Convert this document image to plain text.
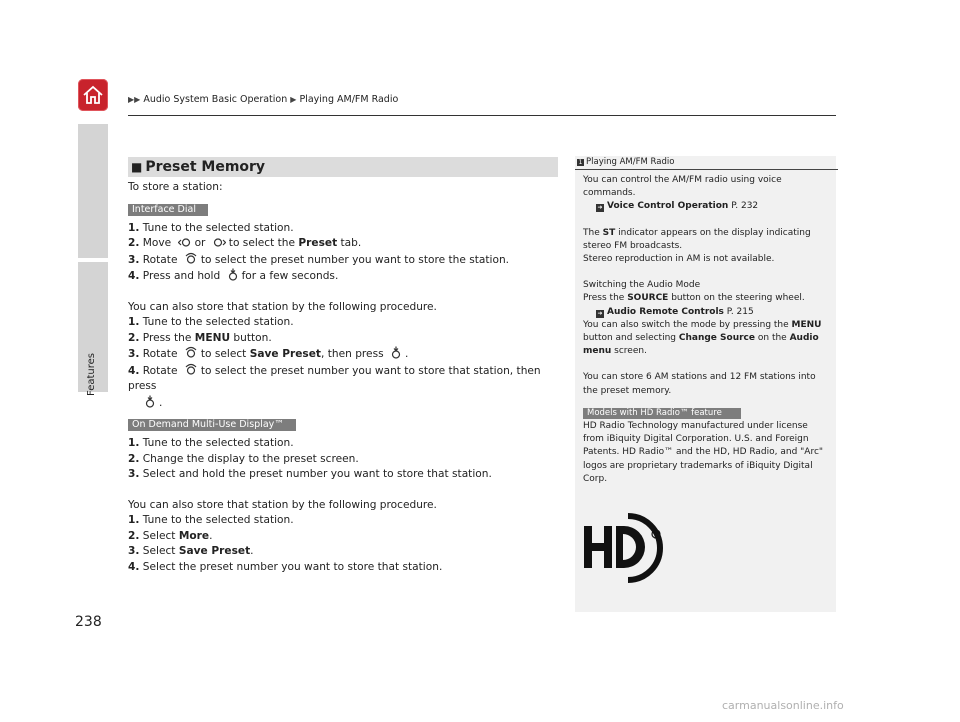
Features
▶▶ Audio System Basic Operation ▶ Playing AM/FM Radio
■ Preset Memory

To store a station:

Interface Dial

1. Tune to the selected station.

2. Move or to select the Preset tab.

3. Rotate to select the preset number you want to store the station.

4. Press and hold for a few seconds.

You can also store that station by the following procedure.

1. Tune to the selected station.

2. Press the MENU button.

3. Rotate to select Save Preset, then press .

4. Rotate to select the preset number you want to store that station, then press
.

On Demand Multi-Use Display™

1. Tune to the selected station.

2. Change the display to the preset screen.

3. Select and hold the preset number you want to store that station.

You can also store that station by the following procedure.

1. Tune to the selected station.

2. Select More.

3. Select Save Preset.

4. Select the preset number you want to store that station.

1 Playing AM/FM Radio

You can control the AM/FM radio using voice commands.

➜ Voice Control Operation P. 232

The ST indicator appears on the display indicating stereo FM broadcasts.

Stereo reproduction in AM is not available.

Switching the Audio Mode

Press the SOURCE button on the steering wheel.

➜ Audio Remote Controls P. 215

You can also switch the mode by pressing the MENU button and selecting Change Source on the Audio menu screen.

You can store 6 AM stations and 12 FM stations into the preset memory.

Models with HD Radio™ feature

HD Radio Technology manufactured under license from iBiquity Digital Corporation. U.S. and Foreign Patents. HD Radio™ and the HD, HD Radio, and "Arc" logos are proprietary trademarks of iBiquity Digital Corp.

R
238
carmanualsonline.info
